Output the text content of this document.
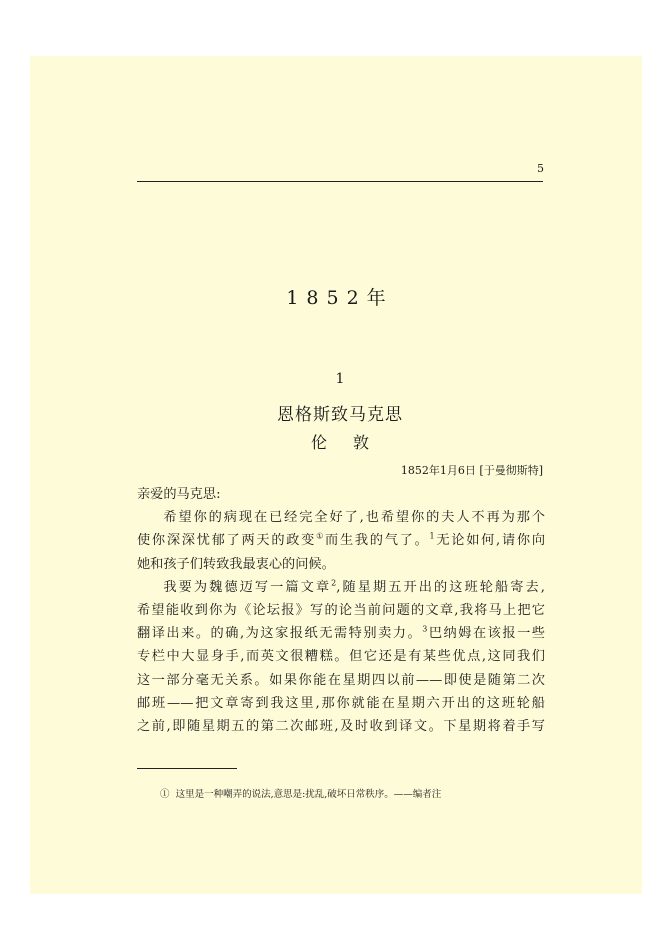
5
1852年
1
恩格斯致马克思
伦敦
1852年1月6日 [于曼彻斯特]

亲爱的马克思:

希望你的病现在已经完全好了,也希望你的夫人不再为那个

使你深深忧郁了两天的政变①而生我的气了。$^1$无论如何,请你向

她和孩子们转致我最衷心的问候。

我要为魏德迈写一篇文章$^2$,随星期五开出的这班轮船寄去,

希望能收到你为《论坛报》写的论当前问题的文章,我将马上把它

翻译出来。的确,为这家报纸无需特别卖力。$^3$巴纳姆在该报一些

专栏中大显身手,而英文很糟糕。但它还是有某些优点,这同我们

这一部分毫无关系。如果你能在星期四以前——即使是随第二次

邮班——把文章寄到我这里,那你就能在星期六开出的这班轮船

之前,即随星期五的第二次邮班,及时收到译文。下星期将着手写

① 这里是一种嘲弄的说法,意思是:扰乱,破坏日常秩序。——编者注
